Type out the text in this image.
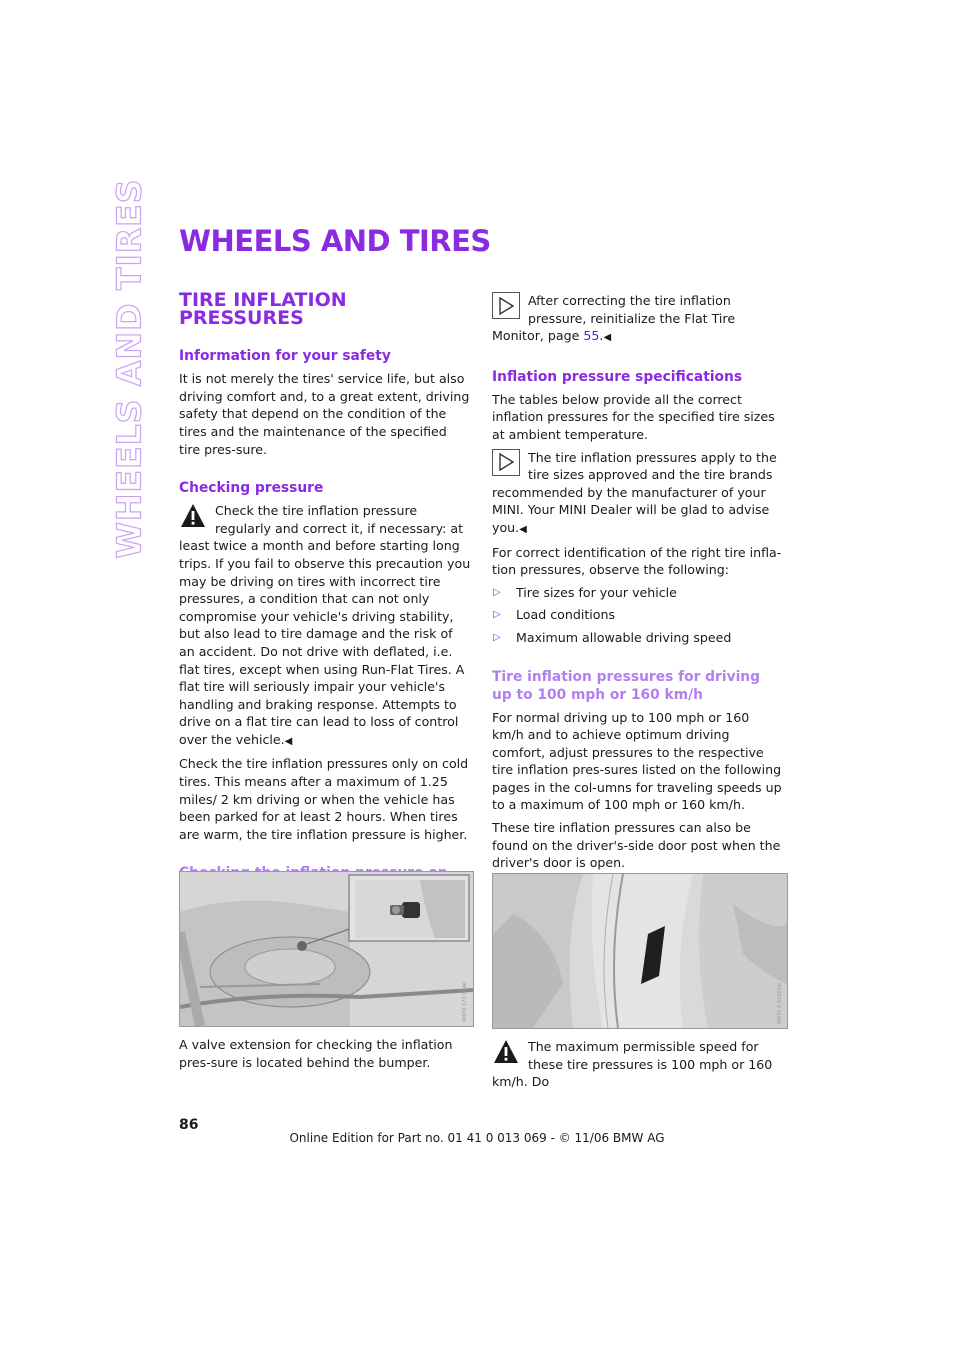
WHEELS AND TIRES WHEELS AND TIRES
TIRE INFLATION PRESSURES
Information for your safety

It is not merely the tires' service life, but also driving comfort and, to a great extent, driving safety that depend on the condition of the tires and the maintenance of the specified tire pres-sure.

Checking pressure

Check the tire inflation pressure regularly and correct it, if necessary: at least twice a month and before starting long trips. If you fail to observe this precaution you may be driving on tires with incorrect tire pressures, a condition that can not only compromise your vehicle's driving stability, but also lead to tire damage and the risk of an accident. Do not drive with deflated, i.e. flat tires, except when using Run-Flat Tires. A flat tire will seriously impair your vehicle's handling and braking response. Attempts to drive on a flat tire can lead to loss of control over the vehicle.◀

Check the tire inflation pressures only on cold tires. This means after a maximum of 1.25 miles/ 2 km driving or when the vehicle has been parked for at least 2 hours. When tires are warm, the tire inflation pressure is higher.

W870 173 9Sde

A valve extension for checking the inflation pres-sure is located behind the bumper.

After correcting the tire inflation pressure, reinitialize the Flat Tire Monitor, page 55.◀

Inflation pressure specifications

The tables below provide all the correct inflation pressures for the specified tire sizes at ambient temperature.

The tire inflation pressures apply to the tire sizes approved and the tire brands recommended by the manufacturer of your MINI. Your MINI Dealer will be glad to advise you.◀

For correct identification of the right tire infla-tion pressures, observe the following:

▷ Tire sizes for your vehicle
▷ Load conditions
▷ Maximum allowable driving speed
Tire inflation pressures for driving up to 100 mph or 160 km/h

For normal driving up to 100 mph or 160 km/h and to achieve optimum driving comfort, adjust pressures to the respective tire inflation pres-sures listed on the following pages in the col-umns for traveling speeds up to a maximum of 100 mph or 160 km/h.

These tire inflation pressures can also be found on the driver's-side door post when the driver's door is open.

W870 8 61003le

The maximum permissible speed for these tire pressures is 100 mph or 160 km/h. Do

86

Online Edition for Part no. 01 41 0 013 069 - © 11/06 BMW AG
